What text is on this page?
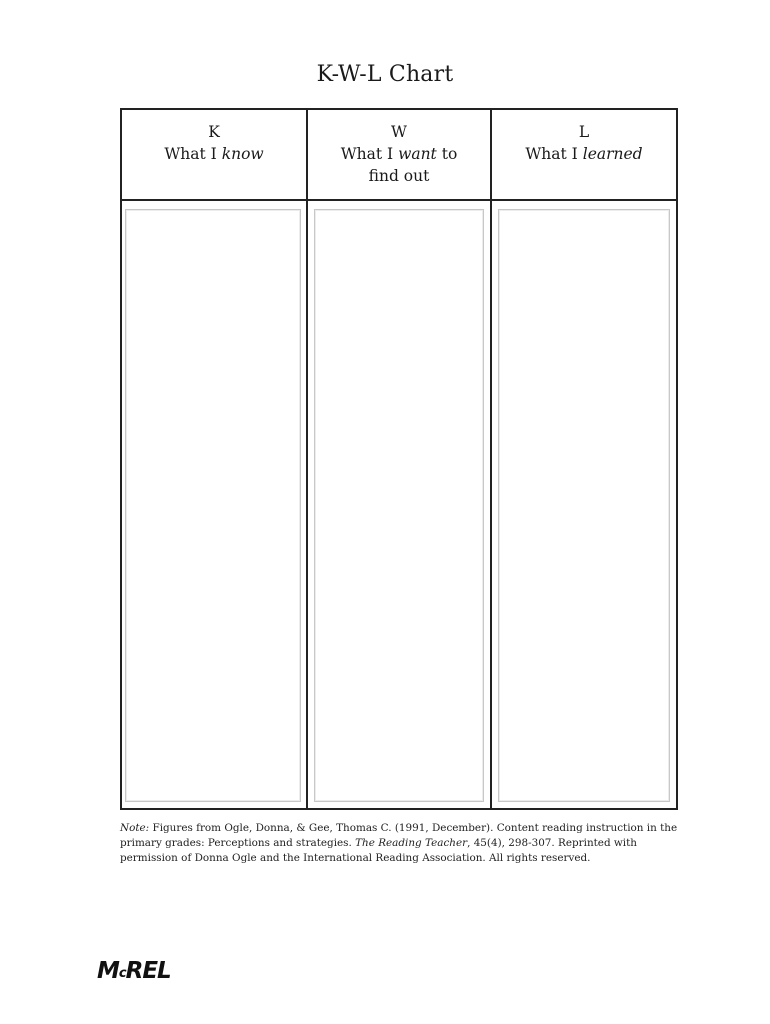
K-W-L Chart
K
What I know
W
What I want to
find out
L
What I learned
Note: Figures from Ogle, Donna, & Gee, Thomas C. (1991, December). Content reading instruction in the primary grades: Perceptions and strategies. The Reading Teacher, 45(4), 298-307. Reprinted with permission of Donna Ogle and the International Reading Association. All rights reserved.
McREL
